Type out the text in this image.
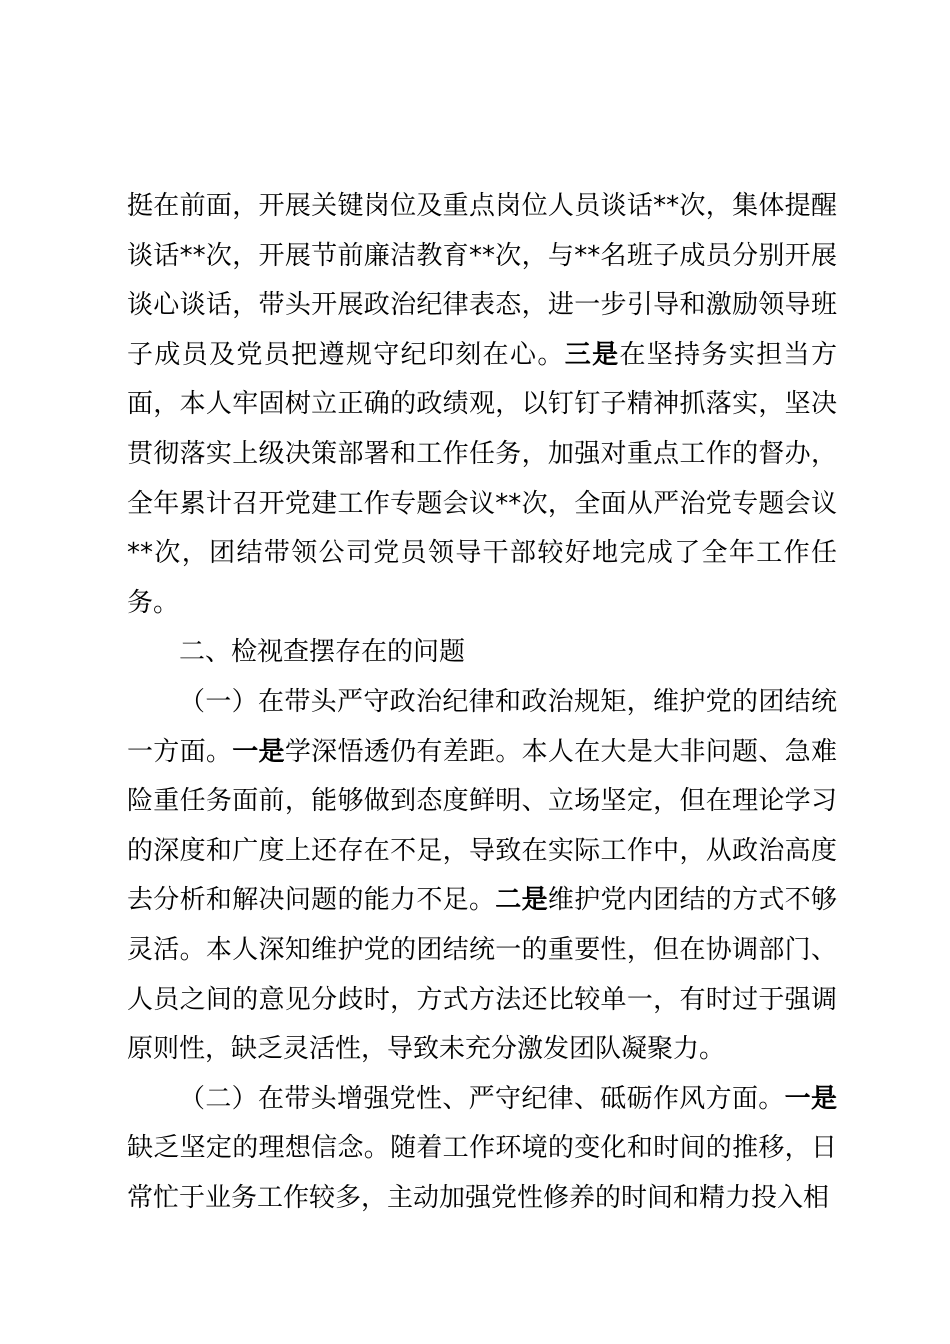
挺在前面，开展关键岗位及重点岗位人员谈话**次，集体提醒谈话**次，开展节前廉洁教育**次，与**名班子成员分别开展谈心谈话，带头开展政治纪律表态，进一步引导和激励领导班子成员及党员把遵规守纪印刻在心。三是在坚持务实担当方面，本人牢固树立正确的政绩观，以钉钉子精神抓落实，坚决贯彻落实上级决策部署和工作任务，加强对重点工作的督办，全年累计召开党建工作专题会议**次，全面从严治党专题会议**次，团结带领公司党员领导干部较好地完成了全年工作任务。

二、检视查摆存在的问题

（一）在带头严守政治纪律和政治规矩，维护党的团结统一方面。一是学深悟透仍有差距。本人在大是大非问题、急难险重任务面前，能够做到态度鲜明、立场坚定，但在理论学习的深度和广度上还存在不足，导致在实际工作中，从政治高度去分析和解决问题的能力不足。二是维护党内团结的方式不够灵活。本人深知维护党的团结统一的重要性，但在协调部门、人员之间的意见分歧时，方式方法还比较单一，有时过于强调原则性，缺乏灵活性，导致未充分激发团队凝聚力。

（二）在带头增强党性、严守纪律、砥砺作风方面。一是缺乏坚定的理想信念。随着工作环境的变化和时间的推移，日常忙于业务工作较多，主动加强党性修养的时间和精力投入相
